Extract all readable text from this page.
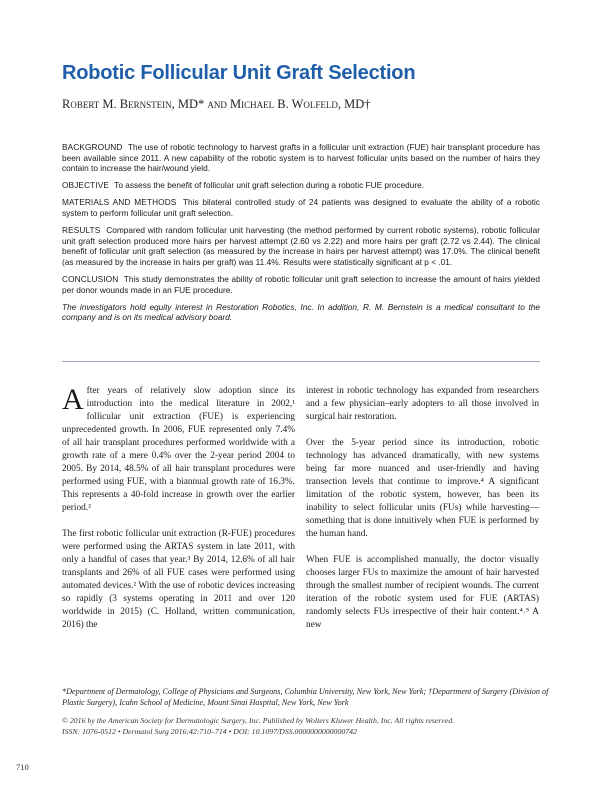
Robotic Follicular Unit Graft Selection
Robert M. Bernstein, MD* and Michael B. Wolfeld, MD†

BACKGROUND The use of robotic technology to harvest grafts in a follicular unit extraction (FUE) hair transplant procedure has been available since 2011. A new capability of the robotic system is to harvest follicular units based on the number of hairs they contain to increase the hair/wound yield.

OBJECTIVE To assess the benefit of follicular unit graft selection during a robotic FUE procedure.

MATERIALS AND METHODS This bilateral controlled study of 24 patients was designed to evaluate the ability of a robotic system to perform follicular unit graft selection.

RESULTS Compared with random follicular unit harvesting (the method performed by current robotic systems), robotic follicular unit graft selection produced more hairs per harvest attempt (2.60 vs 2.22) and more hairs per graft (2.72 vs 2.44). The clinical benefit of follicular unit graft selection (as measured by the increase in hairs per harvest attempt) was 17.0%. The clinical benefit (as measured by the increase in hairs per graft) was 11.4%. Results were statistically significant at p < .01.

CONCLUSION This study demonstrates the ability of robotic follicular unit graft selection to increase the amount of hairs yielded per donor wounds made in an FUE procedure.

The investigators hold equity interest in Restoration Robotics, Inc. In addition, R. M. Bernstein is a medical consultant to the company and is on its medical advisory board.

After years of relatively slow adoption since its introduction into the medical literature in 2002,¹ follicular unit extraction (FUE) is experiencing unprecedented growth. In 2006, FUE represented only 7.4% of all hair transplant procedures performed worldwide with a growth rate of a mere 0.4% over the 2-year period 2004 to 2005. By 2014, 48.5% of all hair transplant procedures were performed using FUE, with a biannual growth rate of 16.3%. This represents a 40-fold increase in growth over the earlier period.²

The first robotic follicular unit extraction (R-FUE) procedures were performed using the ARTAS system in late 2011, with only a handful of cases that year.³ By 2014, 12.6% of all hair transplants and 26% of all FUE cases were performed using automated devices.² With the use of robotic devices increasing so rapidly (3 systems operating in 2011 and over 120 worldwide in 2015) (C. Holland, written communication, 2016) the

interest in robotic technology has expanded from researchers and a few physician–early adopters to all those involved in surgical hair restoration.

Over the 5-year period since its introduction, robotic technology has advanced dramatically, with new systems being far more nuanced and user-friendly and having transection levels that continue to improve.⁴ A significant limitation of the robotic system, however, has been its inability to select follicular units (FUs) while harvesting—something that is done intuitively when FUE is performed by the human hand.

When FUE is accomplished manually, the doctor visually chooses larger FUs to maximize the amount of hair harvested through the smallest number of recipient wounds. The current iteration of the robotic system used for FUE (ARTAS) randomly selects FUs irrespective of their hair content.⁴˒⁵ A new

*Department of Dermatology, College of Physicians and Surgeons, Columbia University, New York, New York; †Department of Surgery (Division of Plastic Surgery), Icahn School of Medicine, Mount Sinai Hospital, New York, New York

© 2016 by the American Society for Dermatologic Surgery, Inc. Published by Wolters Kluwer Health, Inc. All rights reserved.

ISSN: 1076-0512 • Dermatol Surg 2016;42:710–714 • DOI: 10.1097/DSS.0000000000000742

710
